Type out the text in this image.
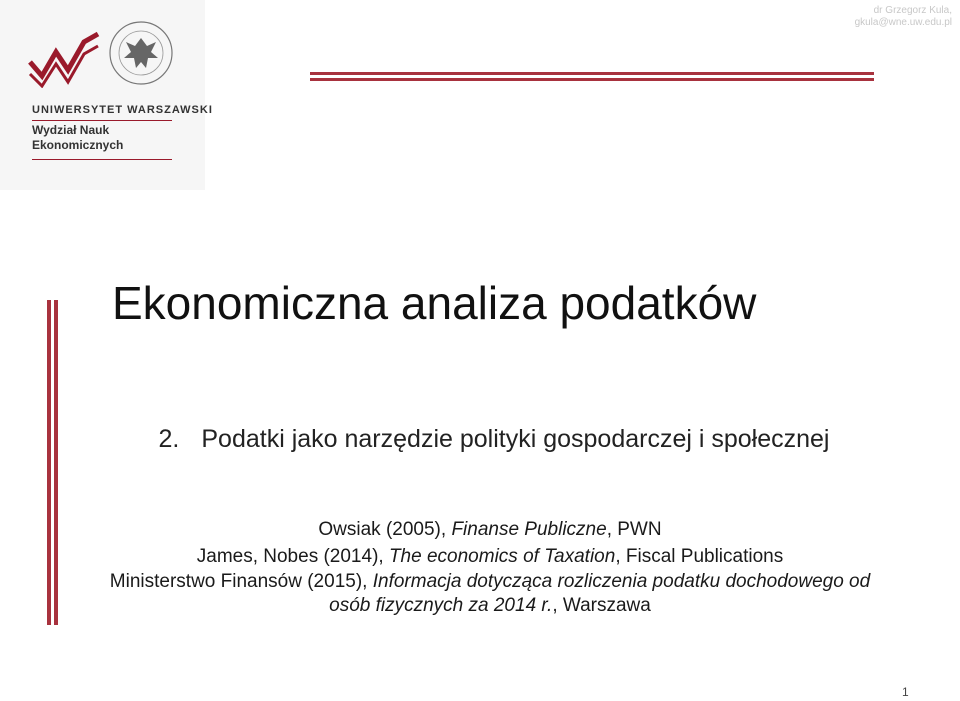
UNIWERSYTET WARSZAWSKI
Wydział Nauk
Ekonomicznych
dr Grzegorz Kula,
gkula@wne.uw.edu.pl
Ekonomiczna analiza podatków
2. Podatki jako narzędzie polityki gospodarczej i społecznej
Owsiak (2005), Finanse Publiczne, PWN
James, Nobes (2014), The economics of Taxation, Fiscal Publications
Ministerstwo Finansów (2015), Informacja dotycząca rozliczenia podatku dochodowego od osób fizycznych za 2014 r., Warszawa
1
